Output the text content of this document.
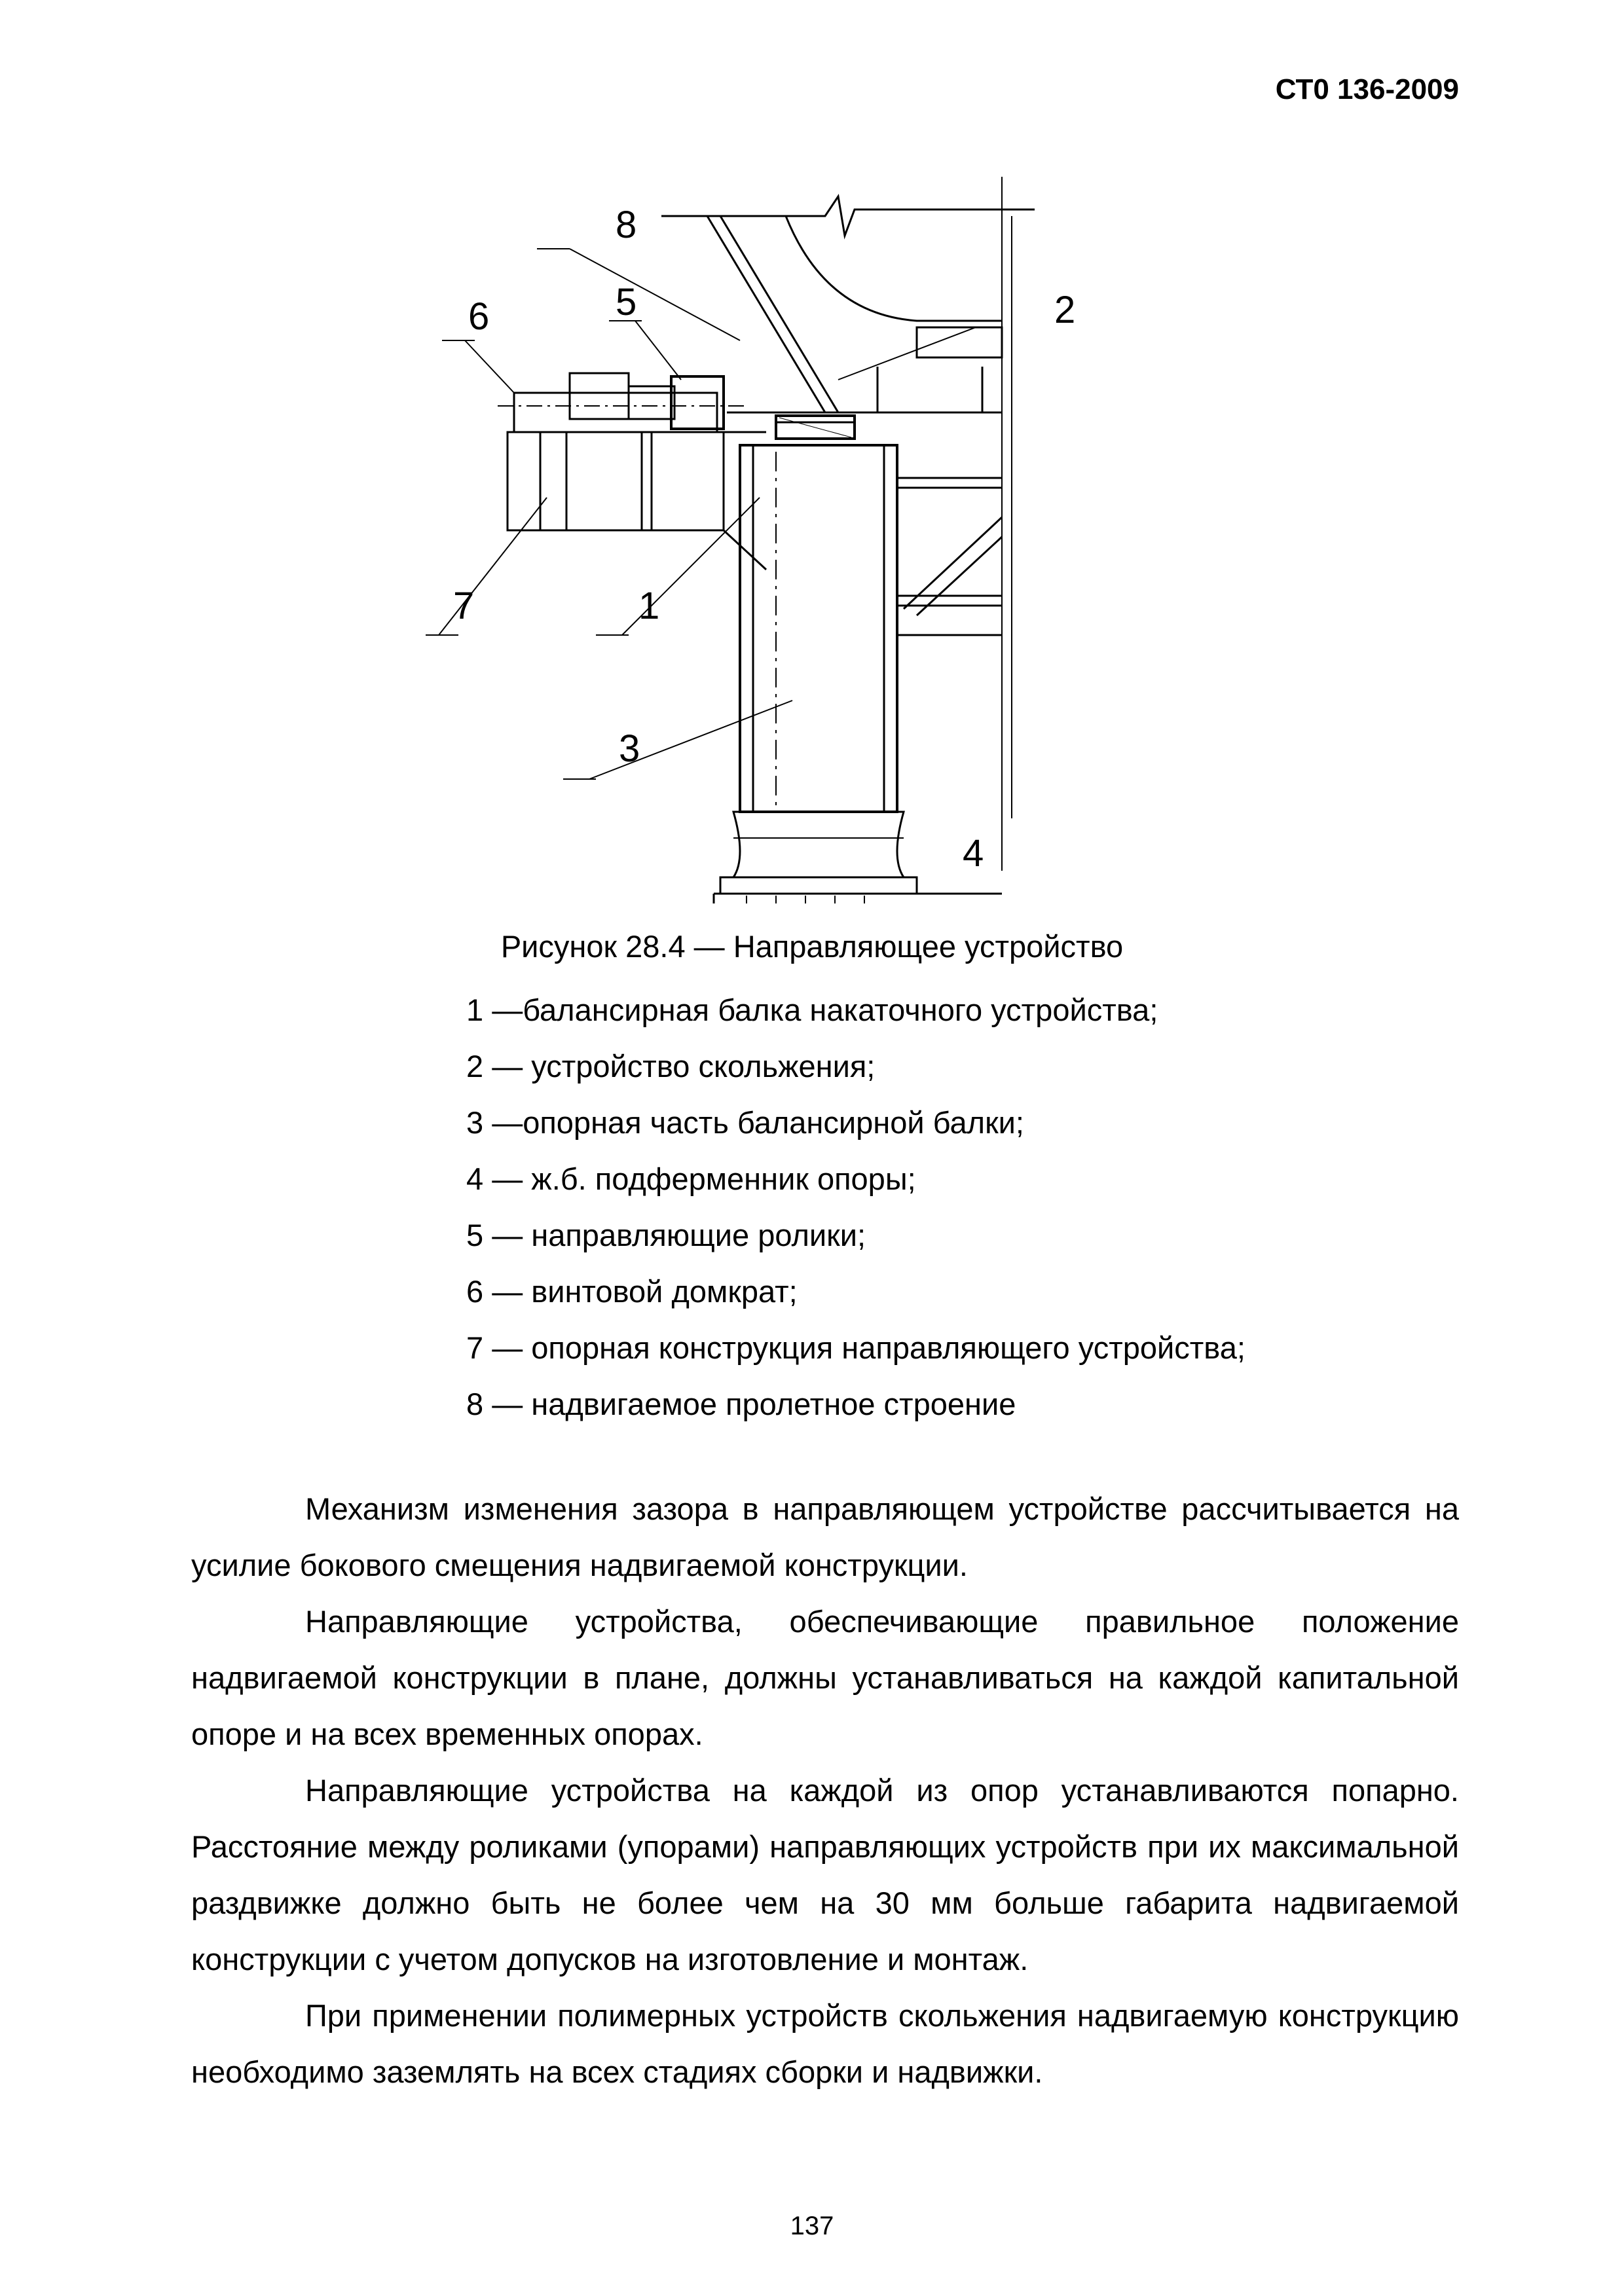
СТ0 136-2009
8
6	5	2
7	1
3
4
Рисунок 28.4 — Направляющее устройство
1 —балансирная балка накаточного устройства;
2 — устройство скольжения;
3 —опорная часть балансирной балки;
4 — ж.б. подферменник опоры;
5 — направляющие ролики;
6 — винтовой домкрат;
7 — опорная конструкция направляющего устройства;
8 — надвигаемое пролетное строение

Механизм изменения зазора в направляющем устройстве рассчитывается на усилие бокового смещения надвигаемой конструкции.

Направляющие устройства, обеспечивающие правильное положение надвигаемой конструкции в плане, должны устанавливаться на каждой капитальной опоре и на всех временных опорах.

Направляющие устройства на каждой из опор устанавливаются попарно. Расстояние между роликами (упорами) направляющих устройств при их максимальной раздвижке должно быть не более чем на 30 мм больше габарита надвигаемой конструкции с учетом допусков на изготовление и монтаж.

При применении полимерных устройств скольжения надвигаемую конструкцию необходимо заземлять на всех стадиях сборки и надвижки.

137
